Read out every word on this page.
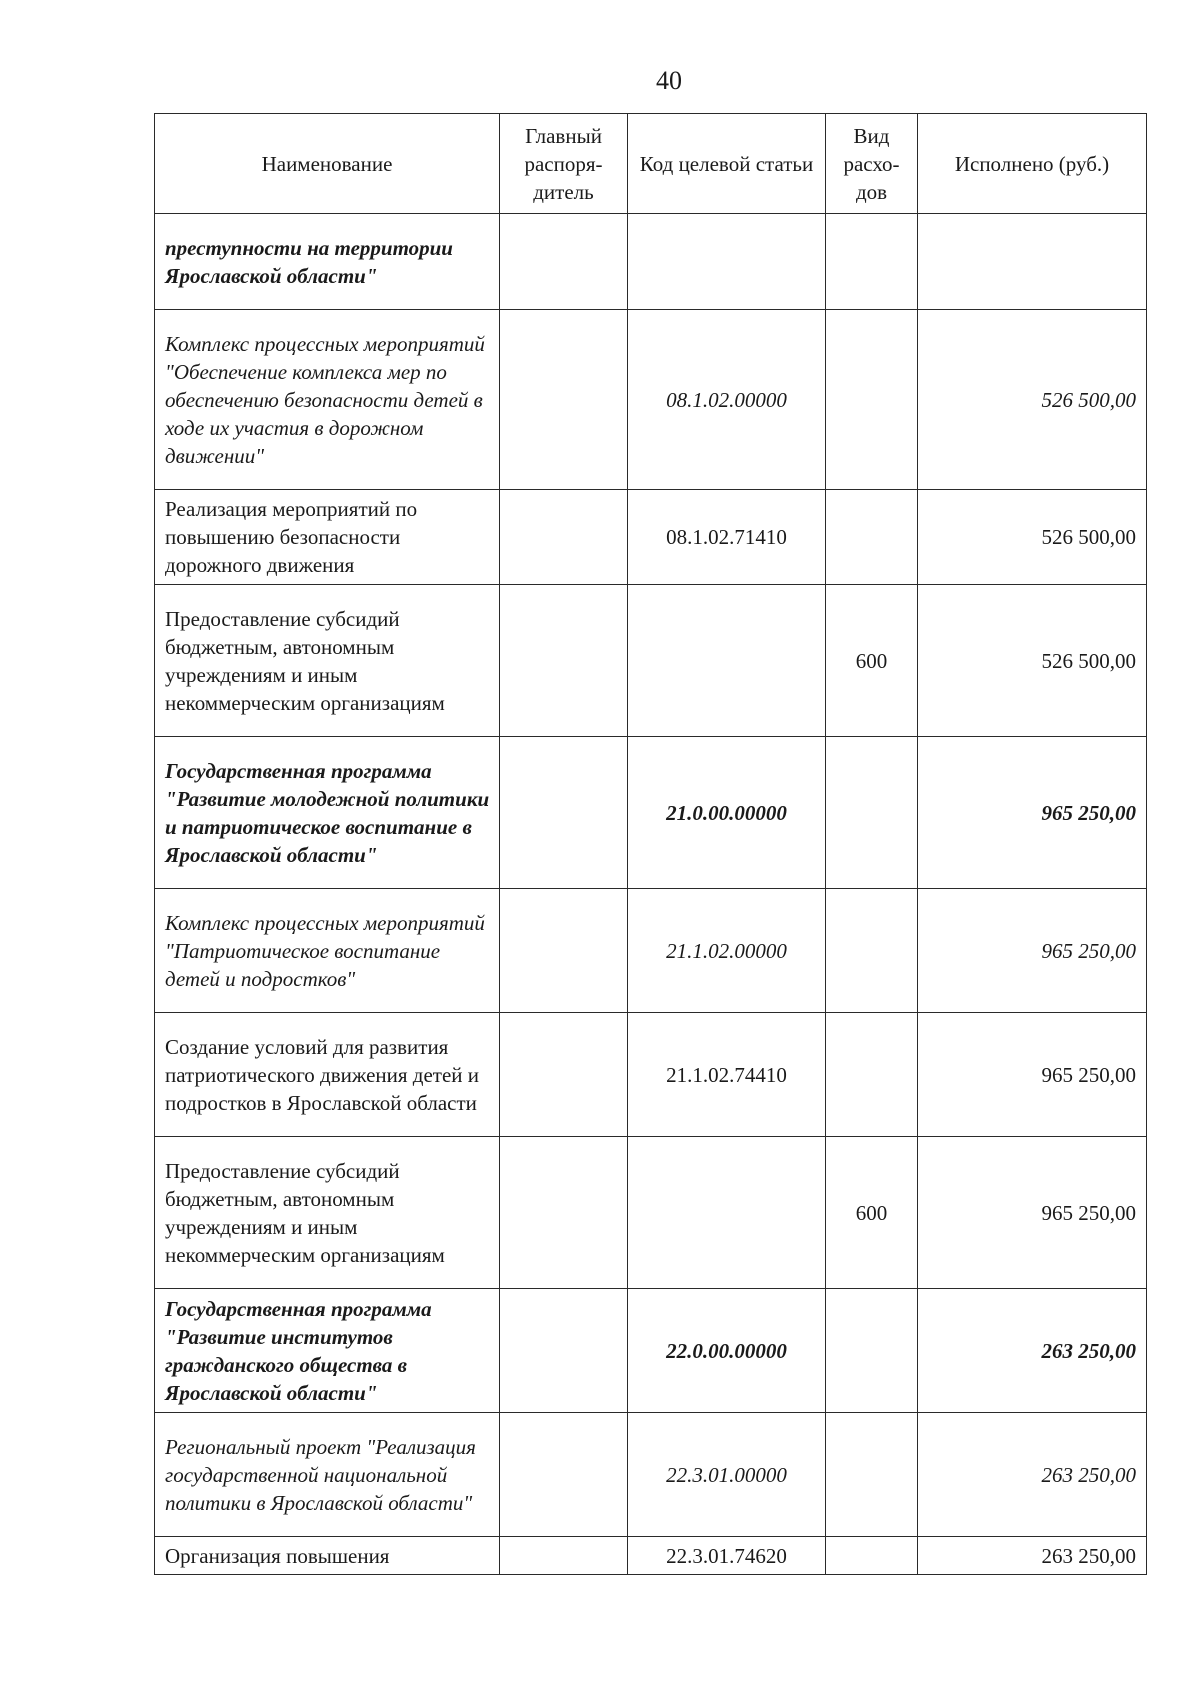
40
Наименование	Главный распоря-дитель	Код целевой статьи	Вид расхо-дов	Исполнено (руб.)
преступности на территории Ярославской области"				
Комплекс процессных мероприятий "Обеспечение комплекса мер по обеспечению безопасности детей в ходе их участия в дорожном движении"		08.1.02.00000		526 500,00
Реализация мероприятий по повышению безопасности дорожного движения		08.1.02.71410		526 500,00
Предоставление субсидий бюджетным, автономным учреждениям и иным некоммерческим организациям			600	526 500,00
Государственная программа "Развитие молодежной политики и патриотическое воспитание в Ярославской области"		21.0.00.00000		965 250,00
Комплекс процессных мероприятий "Патриотическое воспитание детей и подростков"		21.1.02.00000		965 250,00
Создание условий для развития патриотического движения детей и подростков в Ярославской области		21.1.02.74410		965 250,00
Предоставление субсидий бюджетным, автономным учреждениям и иным некоммерческим организациям			600	965 250,00
Государственная программа "Развитие институтов гражданского общества в Ярославской области"		22.0.00.00000		263 250,00
Региональный проект "Реализация государственной национальной политики в Ярославской области"		22.3.01.00000		263 250,00
Организация повышения		22.3.01.74620		263 250,00
